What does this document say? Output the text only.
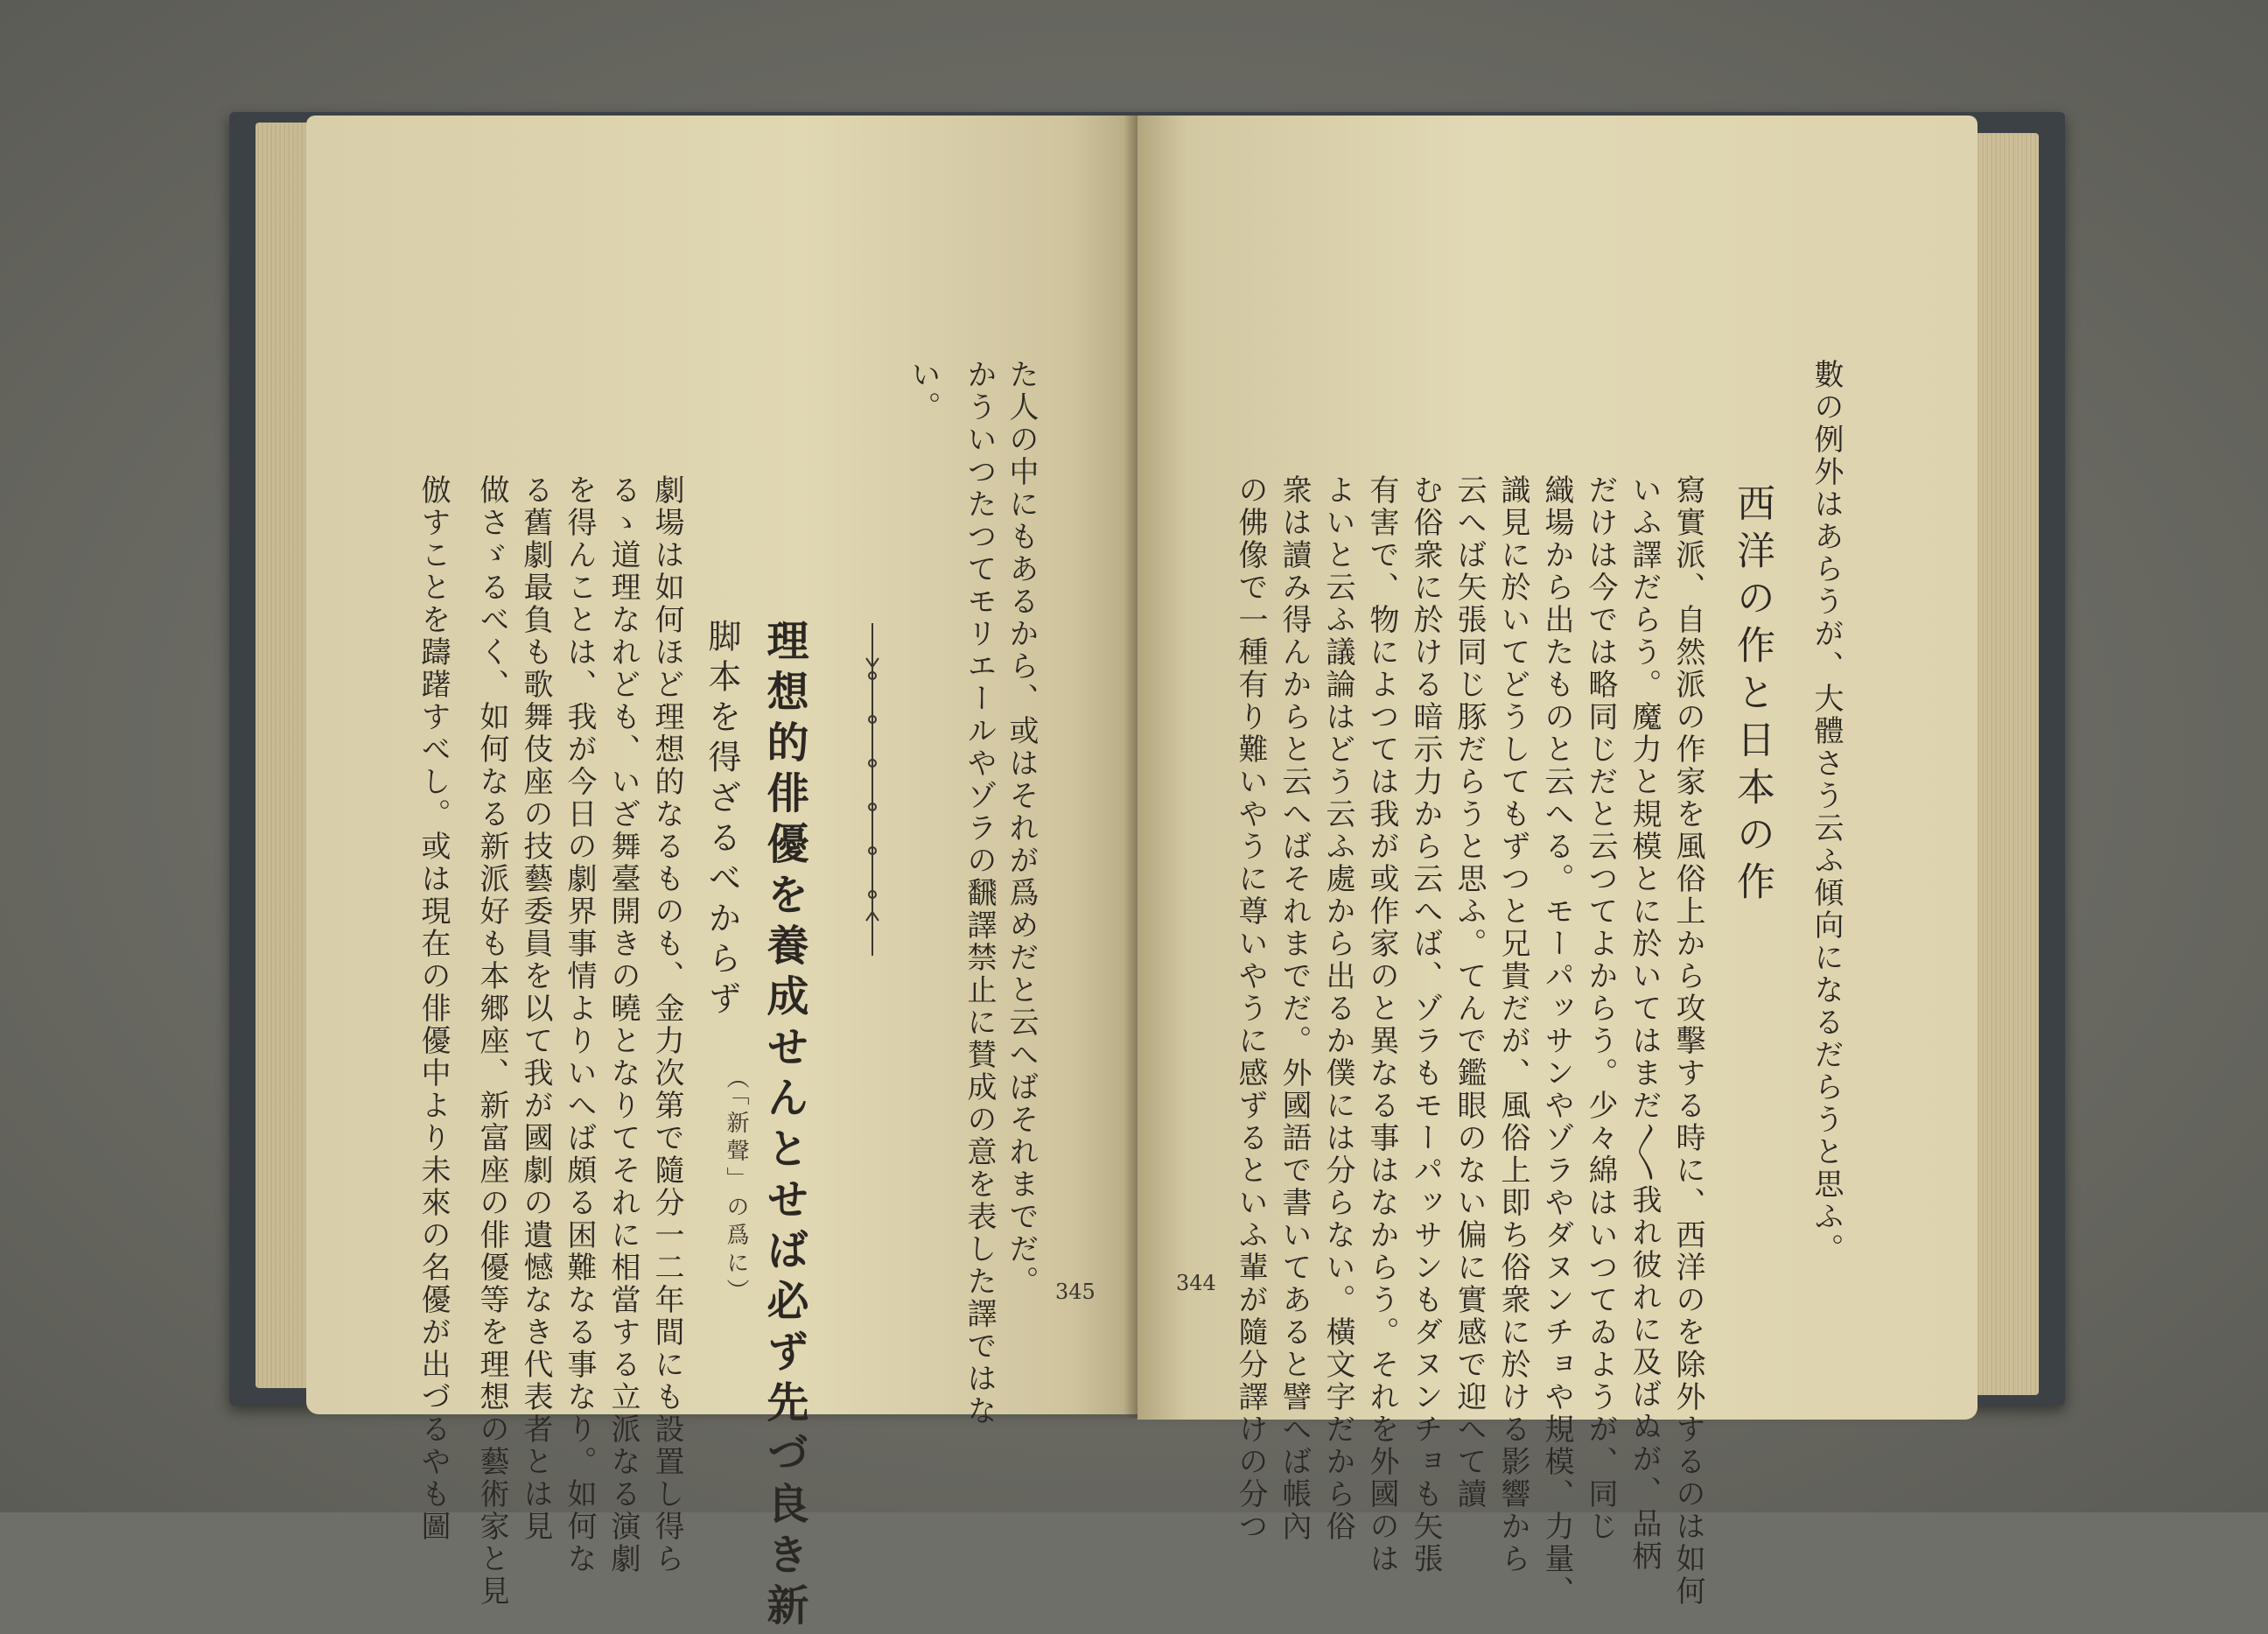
た人の中にもあるから、或はそれが爲めだと云へばそれまでだ。
かういつたつてモリエールやゾラの飜譯禁止に賛成の意を表した譯ではな
い。
理想的俳優を養成せんとせば必ず先づ良き新
脚本を得ざるべからず
（「新聲」の爲に）
劇場は如何ほど理想的なるものも、金力次第で隨分一二年間にも設置し得ら
るゝ道理なれども、いざ舞臺開きの曉となりてそれに相當する立派なる演劇
を得んことは、我が今日の劇界事情よりいへば頗る困難なる事なり。如何な
る舊劇最負も歌舞伎座の技藝委員を以て我が國劇の遺憾なき代表者とは見
做さゞるべく、如何なる新派好も本郷座、新富座の俳優等を理想の藝術家と見
倣すことを躊躇すべし。或は現在の俳優中より未來の名優が出づるやも圖	345
數の例外はあらうが、大體さう云ふ傾向になるだらうと思ふ。
西洋の作と日本の作
寫實派、自然派の作家を風俗上から攻擊する時に、西洋のを除外するのは如何
いふ譯だらう。魔力と規模とに於いてはまだ〳〵我れ彼れに及ばぬが、品柄
だけは今では略同じだと云つてよからう。少々綿はいつてゐようが、同じ
織場から出たものと云へる。モーパッサンやゾラやダヌンチョや規模、力量、
識見に於いてどうしてもずつと兄貴だが、風俗上即ち俗衆に於ける影響から
云へば矢張同じ豚だらうと思ふ。てんで鑑眼のない偏に實感で迎へて讀
む俗衆に於ける暗示力から云へば、ゾラもモーパッサンもダヌンチョも矢張
有害で、物によつては我が或作家のと異なる事はなからう。それを外國のは
よいと云ふ議論はどう云ふ處から出るか僕には分らない。橫文字だから俗
衆は讀み得んからと云へばそれまでだ。外國語で書いてあると譬へば帳內
の佛像で一種有り難いやうに尊いやうに感ずるといふ輩が隨分譯けの分つ
344
